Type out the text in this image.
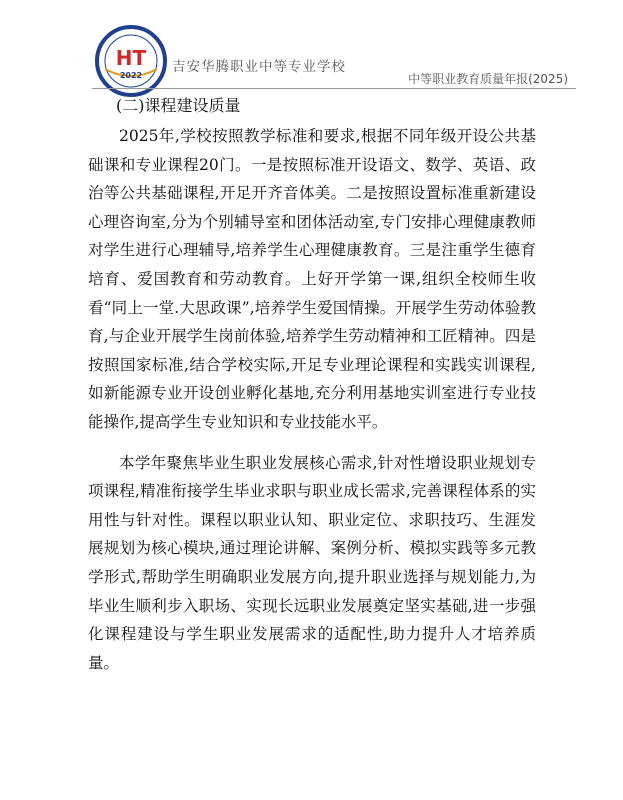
HT
2022
吉安华腾职业中等专业学校
中等职业教育质量年报(2025)
(二)课程建设质量

2025年,学校按照教学标准和要求,根据不同年级开设公共基础课和专业课程20门。一是按照标准开设语文、数学、英语、政治等公共基础课程,开足开齐音体美。二是按照设置标准重新建设心理咨询室,分为个别辅导室和团体活动室,专门安排心理健康教师对学生进行心理辅导,培养学生心理健康教育。三是注重学生德育培育、爱国教育和劳动教育。上好开学第一课,组织全校师生收看“同上一堂.大思政课”,培养学生爱国情操。开展学生劳动体验教育,与企业开展学生岗前体验,培养学生劳动精神和工匠精神。四是按照国家标准,结合学校实际,开足专业理论课程和实践实训课程,如新能源专业开设创业孵化基地,充分利用基地实训室进行专业技能操作,提高学生专业知识和专业技能水平。

本学年聚焦毕业生职业发展核心需求,针对性增设职业规划专项课程,精准衔接学生毕业求职与职业成长需求,完善课程体系的实用性与针对性。课程以职业认知、职业定位、求职技巧、生涯发展规划为核心模块,通过理论讲解、案例分析、模拟实践等多元教学形式,帮助学生明确职业发展方向,提升职业选择与规划能力,为毕业生顺利步入职场、实现长远职业发展奠定坚实基础,进一步强化课程建设与学生职业发展需求的适配性,助力提升人才培养质量。
